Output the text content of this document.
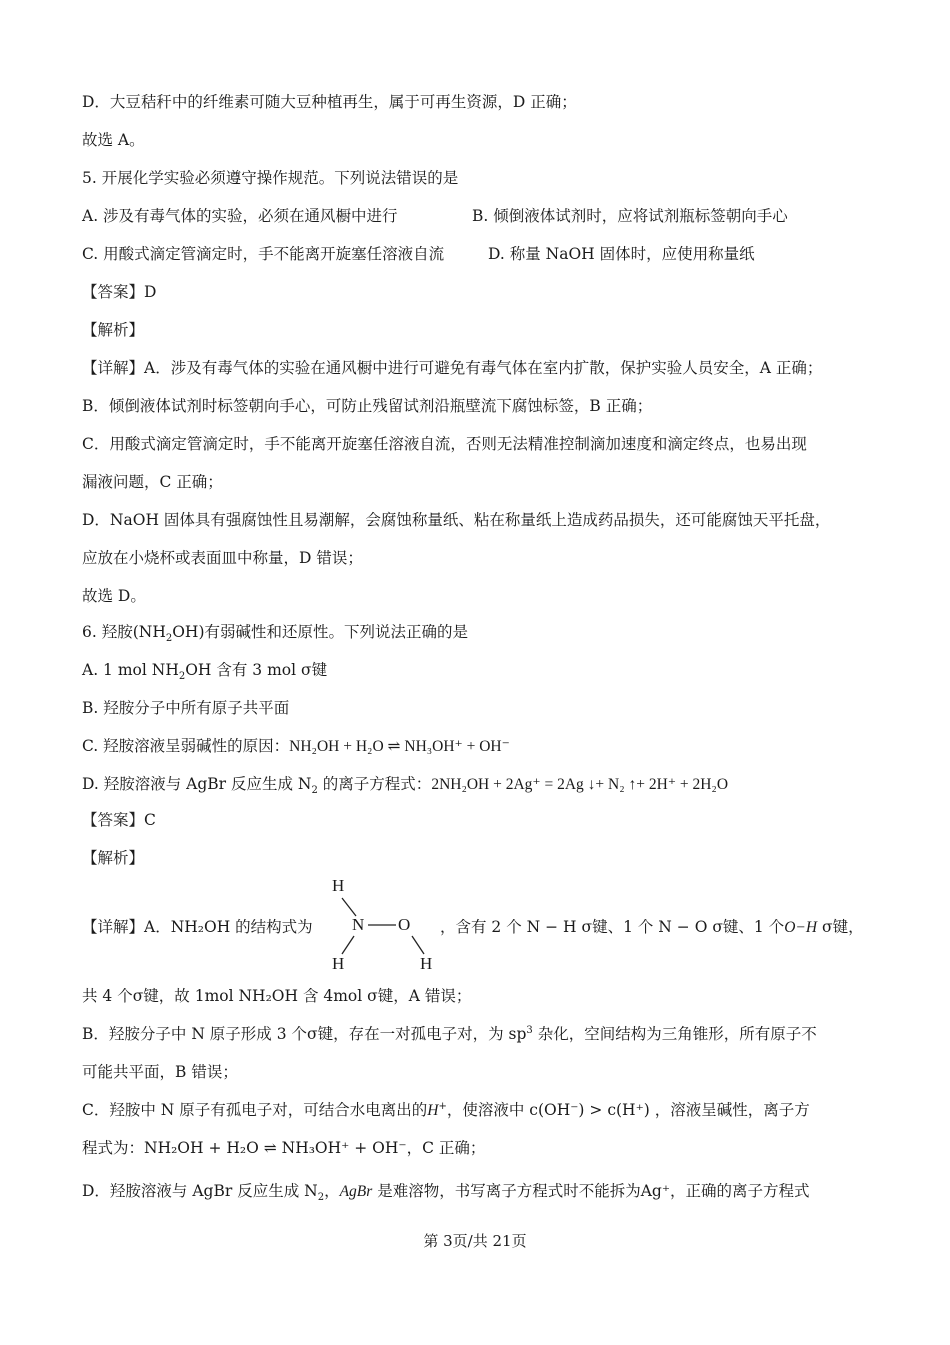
D．大豆秸秆中的纤维素可随大豆种植再生，属于可再生资源，D 正确；
故选 A。
5. 开展化学实验必须遵守操作规范。下列说法错误的是
A. 涉及有毒气体的实验，必须在通风橱中进行	B. 倾倒液体试剂时，应将试剂瓶标签朝向手心
C. 用酸式滴定管滴定时，手不能离开旋塞任溶液自流	D. 称量 NaOH 固体时，应使用称量纸
【答案】D
【解析】
【详解】A．涉及有毒气体的实验在通风橱中进行可避免有毒气体在室内扩散，保护实验人员安全，A 正确；
B．倾倒液体试剂时标签朝向手心，可防止残留试剂沿瓶壁流下腐蚀标签，B 正确；
C．用酸式滴定管滴定时，手不能离开旋塞任溶液自流，否则无法精准控制滴加速度和滴定终点，也易出现
漏液问题，C 正确；
D．NaOH 固体具有强腐蚀性且易潮解，会腐蚀称量纸、粘在称量纸上造成药品损失，还可能腐蚀天平托盘，
应放在小烧杯或表面皿中称量，D 错误；
故选 D。
6. 羟胺$(NH_2OH)$有弱碱性和还原性。下列说法正确的是
A. 1 mol $NH_2OH$ 含有 3 mol σ键
B. 羟胺分子中所有原子共平面
C. 羟胺溶液呈弱碱性的原因：NH₂OH + H₂O ⇌ NH₃OH⁺ + OH⁻
D. 羟胺溶液与 AgBr 反应生成 $N_2$ 的离子方程式：2NH₂OH + 2Ag⁺ = 2Ag ↓+ N₂ ↑+ 2H⁺ + 2H₂O
【答案】C
【解析】
【详解】A．NH₂OH 的结构式为
H
N O
H	H
，含有 2 个 N − H σ键、1 个 N − O σ键、1 个O−H σ键，
共 4 个σ键，故 1mol NH₂OH 含 4mol σ键，A 错误；
B．羟胺分子中 N 原子形成 3 个σ键，存在一对孤电子对，为 $sp^3$ 杂化，空间结构为三角锥形，所有原子不
可能共平面，B 错误；
C．羟胺中 N 原子有孤电子对，可结合水电离出的H+，使溶液中 c(OH⁻) > c(H⁺) ，溶液呈碱性，离子方
程式为：NH₂OH + H₂O ⇌ NH₃OH⁺ + OH⁻，C 正确；
D．羟胺溶液与 AgBr 反应生成 $N_2$，AgBr 是难溶物，书写离子方程式时不能拆为Ag⁺，正确的离子方程式
第 3页/共 21页
